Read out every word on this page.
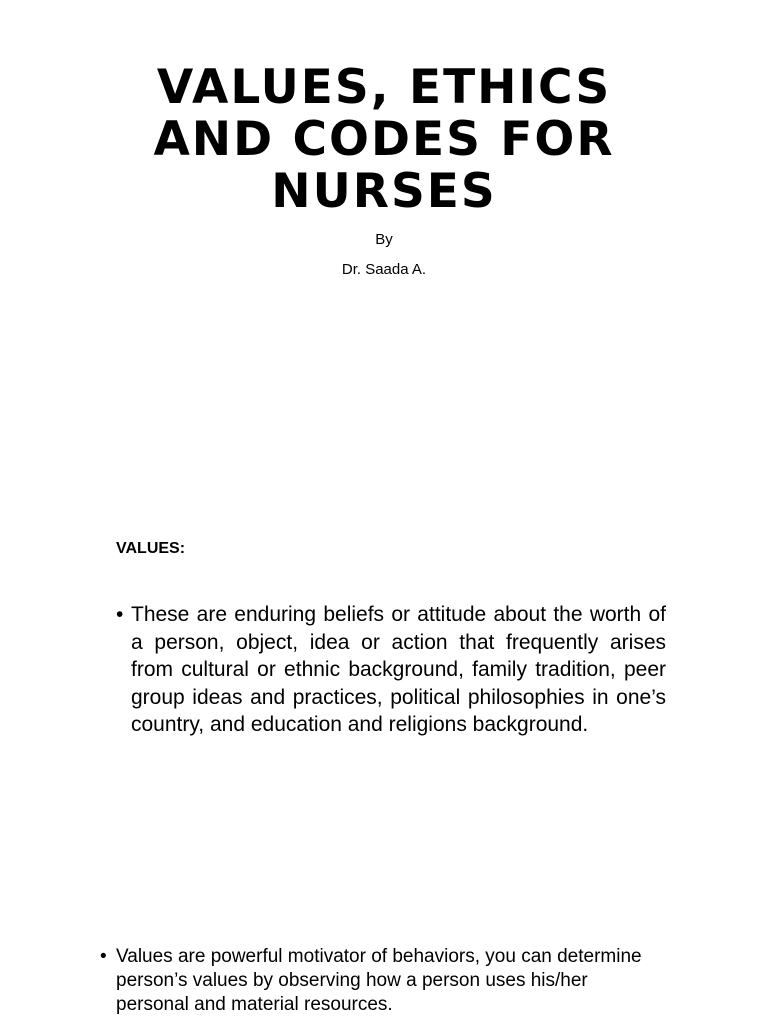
VALUES, ETHICS
AND CODES FOR
NURSES
By
Dr. Saada A.
VALUES:
• These are enduring beliefs or attitude about the worth of a person, object, idea or action that frequently arises from cultural or ethnic background, family tradition, peer group ideas and practices, political philosophies in one’s country, and education and religions background.
• Values are powerful motivator of behaviors, you can determine person’s values by observing how a person uses his/her personal and material resources.
